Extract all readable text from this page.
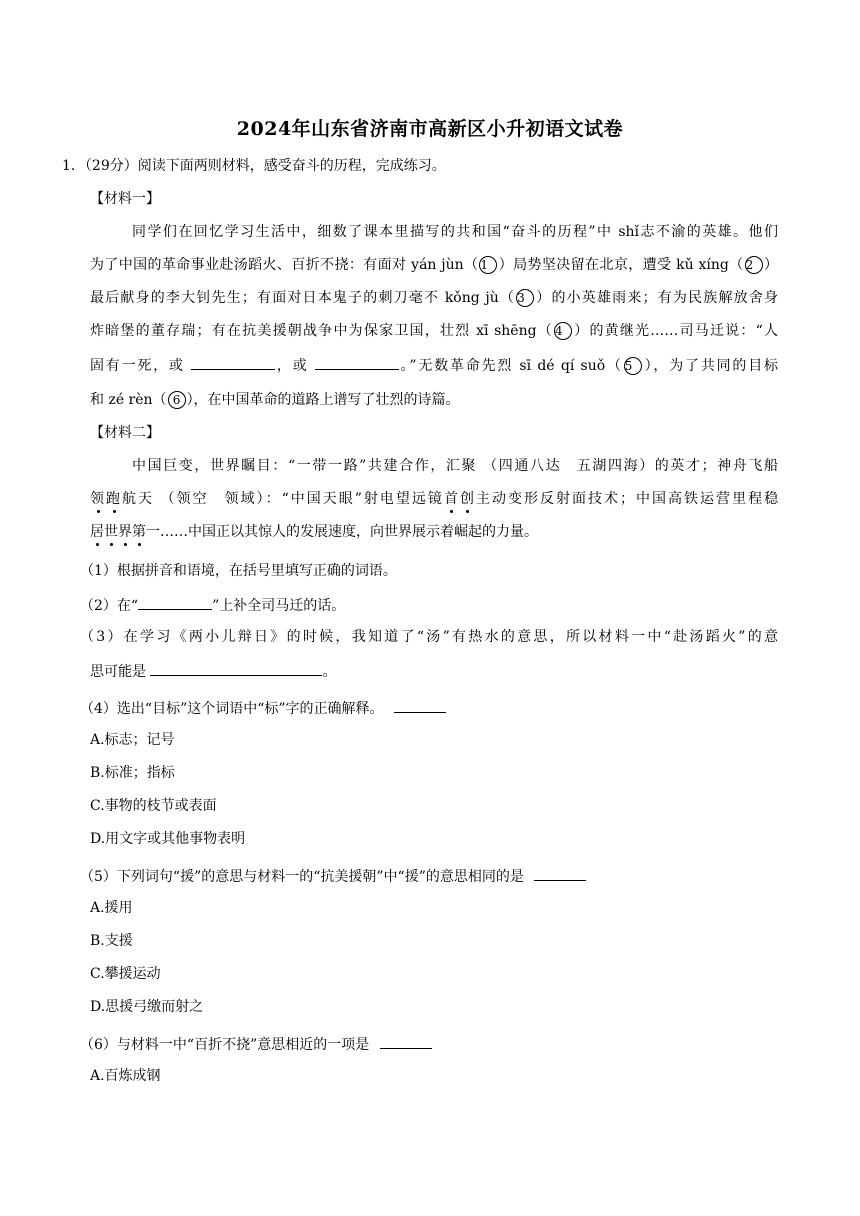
2024年山东省济南市高新区小升初语文试卷
1．（29分）阅读下面两则材料，感受奋斗的历程，完成练习。
【材料一】
同学们在回忆学习生活中，细数了课本里描写的共和国“奋斗的历程”中 shǐ志不渝的英雄。他们
为了中国的革命事业赴汤蹈火、百折不挠：有面对 yán jùn（ 1 ）局势坚决留在北京，遭受 kǔ xíng（ 2 ）
最后献身的李大钊先生；有面对日本鬼子的刺刀毫不 kǒng jù（ 3 ）的小英雄雨来；有为民族解放舍身
炸暗堡的董存瑞；有在抗美援朝战争中为保家卫国，壮烈 xī shēng（ 4 ）的黄继光……司马迁说：“人
固有一死，或	，或	。”无数革命先烈 sī dé qí suǒ（ 5 ），为了共同的目标
和 zé rèn（ 6 ），在中国革命的道路上谱写了壮烈的诗篇。
【材料二】
中国巨变，世界瞩目：“一带一路”共建合作，汇聚 （四通八达　五湖四海）的英才；神舟飞船
领跑航天 （领空　领域）：“中国天眼”射电望远镜首创主动变形反射面技术；中国高铁运营里程稳
居世界第一……中国正以其惊人的发展速度，向世界展示着崛起的力量。
（1）根据拼音和语境，在括号里填写正确的词语。
（2）在“	”上补全司马迁的话。
（3）在学习《两小儿辩日》的时候，我知道了“汤”有热水的意思，所以材料一中“赴汤蹈火”的意
思可能是	。
（4）选出“目标”这个词语中“标”字的正确解释。
A.标志；记号
B.标准；指标
C.事物的枝节或表面
D.用文字或其他事物表明
（5）下列词句“援”的意思与材料一的“抗美援朝”中“援”的意思相同的是
A.援用
B.支援
C.攀援运动
D.思援弓缴而射之
（6）与材料一中“百折不挠”意思相近的一项是
A.百炼成钢
